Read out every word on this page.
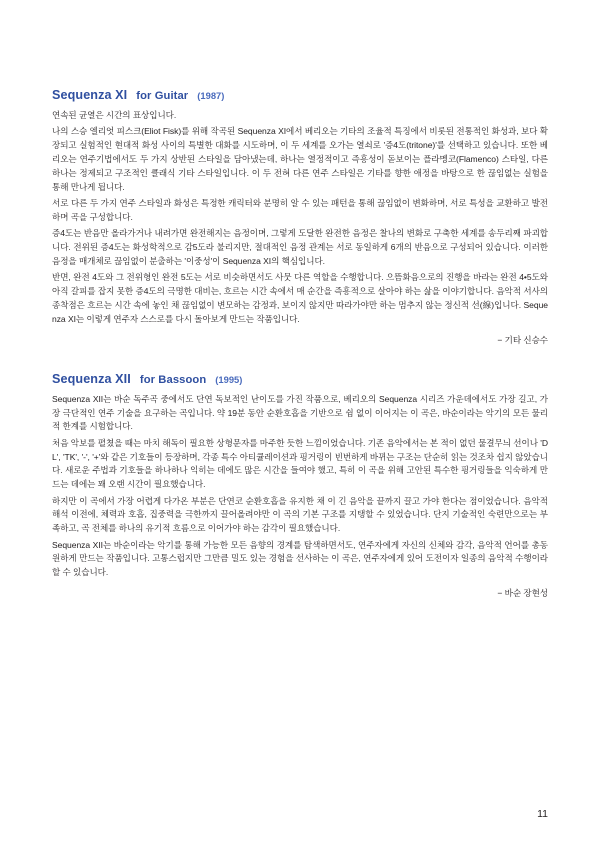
Sequenza XI for Guitar (1987)

연속된 균열은 시간의 표상입니다.

나의 스승 엘리엇 피스크(Eliot Fisk)를 위해 작곡된 Sequenza XI에서 베리오는 기타의 조율적 특징에서 비롯된 전통적인 화성과, 보다 확장되고 실험적인 현대적 화성 사이의 특별한 대화를 시도하며, 이 두 세계를 오가는 열쇠로 '증4도(tritone)'를 선택하고 있습니다. 또한 베리오는 연주기법에서도 두 가지 상반된 스타일을 담아냈는데, 하나는 열정적이고 즉흥성이 돋보이는 플라멩코(Flamenco) 스타일, 다른 하나는 정제되고 구조적인 클래식 기타 스타일입니다. 이 두 전혀 다른 연주 스타일은 기타를 향한 애정을 바탕으로 한 끊임없는 실험을 통해 만나게 됩니다.

서로 다른 두 가지 연주 스타일과 화성은 특정한 캐릭터와 분명히 알 수 있는 패턴을 통해 끊임없이 변화하며, 서로 특성을 교환하고 발전하며 곡을 구성합니다.

증4도는 반음만 올라가거나 내려가면 완전해지는 음정이며, 그렇게 도달한 완전한 음정은 찰나의 변화로 구축한 세계를 송두리째 파괴합니다. 전위된 증4도는 화성학적으로 감5도라 불리지만, 절대적인 음정 관계는 서로 동일하게 6개의 반음으로 구성되어 있습니다. 이러한 음정을 매개체로 끊임없이 분출하는 '이중성'이 Sequenza XI의 핵심입니다.

반면, 완전 4도와 그 전위형인 완전 5도는 서로 비슷하면서도 사뭇 다른 역할을 수행합니다. 으뜸화음으로의 진행을 바라는 완전 4•5도와 아직 갈피를 잡지 못한 증4도의 극명한 대비는, 흐르는 시간 속에서 매 순간을 즉흥적으로 살아야 하는 삶을 이야기합니다. 음악적 서사의 종착점은 흐르는 시간 속에 놓인 채 끊임없이 변모하는 감정과, 보이지 않지만 따라가야만 하는 멈추지 않는 정신적 선(線)입니다. Sequenza XI는 이렇게 연주자 스스로를 다시 돌아보게 만드는 작품입니다.

− 기타 신승수
Sequenza XII for Bassoon (1995)

Sequenza XII는 바순 독주곡 중에서도 단연 독보적인 난이도를 가진 작품으로, 베리오의 Sequenza 시리즈 가운데에서도 가장 길고, 가장 극단적인 연주 기술을 요구하는 곡입니다. 약 19분 동안 순환호흡을 기반으로 쉼 없이 이어지는 이 곡은, 바순이라는 악기의 모든 물리적 한계를 시험합니다.

처음 악보를 펼쳤을 때는 마치 해독이 필요한 상형문자를 마주한 듯한 느낌이었습니다. 기존 음악에서는 본 적이 없던 물결무늬 선이나 'DL', 'TK', '-', '+'와 같은 기호들이 등장하며, 각종 특수 아티큘레이션과 핑거링이 빈번하게 바뀌는 구조는 단순히 읽는 것조차 쉽지 않았습니다. 새로운 주법과 기호들을 하나하나 익히는 데에도 많은 시간을 들여야 했고, 특히 이 곡을 위해 고안된 특수한 핑거링들을 익숙하게 만드는 데에는 꽤 오랜 시간이 필요했습니다.

하지만 이 곡에서 가장 어렵게 다가온 부분은 단연코 순환호흡을 유지한 채 이 긴 음악을 끝까지 끌고 가야 한다는 점이었습니다. 음악적 해석 이전에, 체력과 호흡, 집중력을 극한까지 끌어올려야만 이 곡의 기본 구조를 지탱할 수 있었습니다. 단지 기술적인 숙련만으로는 부족하고, 곡 전체를 하나의 유기적 흐름으로 이어가야 하는 감각이 필요했습니다.

Sequenza XII는 바순이라는 악기를 통해 가능한 모든 음향의 경계를 탐색하면서도, 연주자에게 자신의 신체와 감각, 음악적 언어를 총동원하게 만드는 작품입니다. 고통스럽지만 그만큼 밀도 있는 경험을 선사하는 이 곡은, 연주자에게 있어 도전이자 일종의 음악적 수행이라 할 수 있습니다.

− 바순 장현성
11
